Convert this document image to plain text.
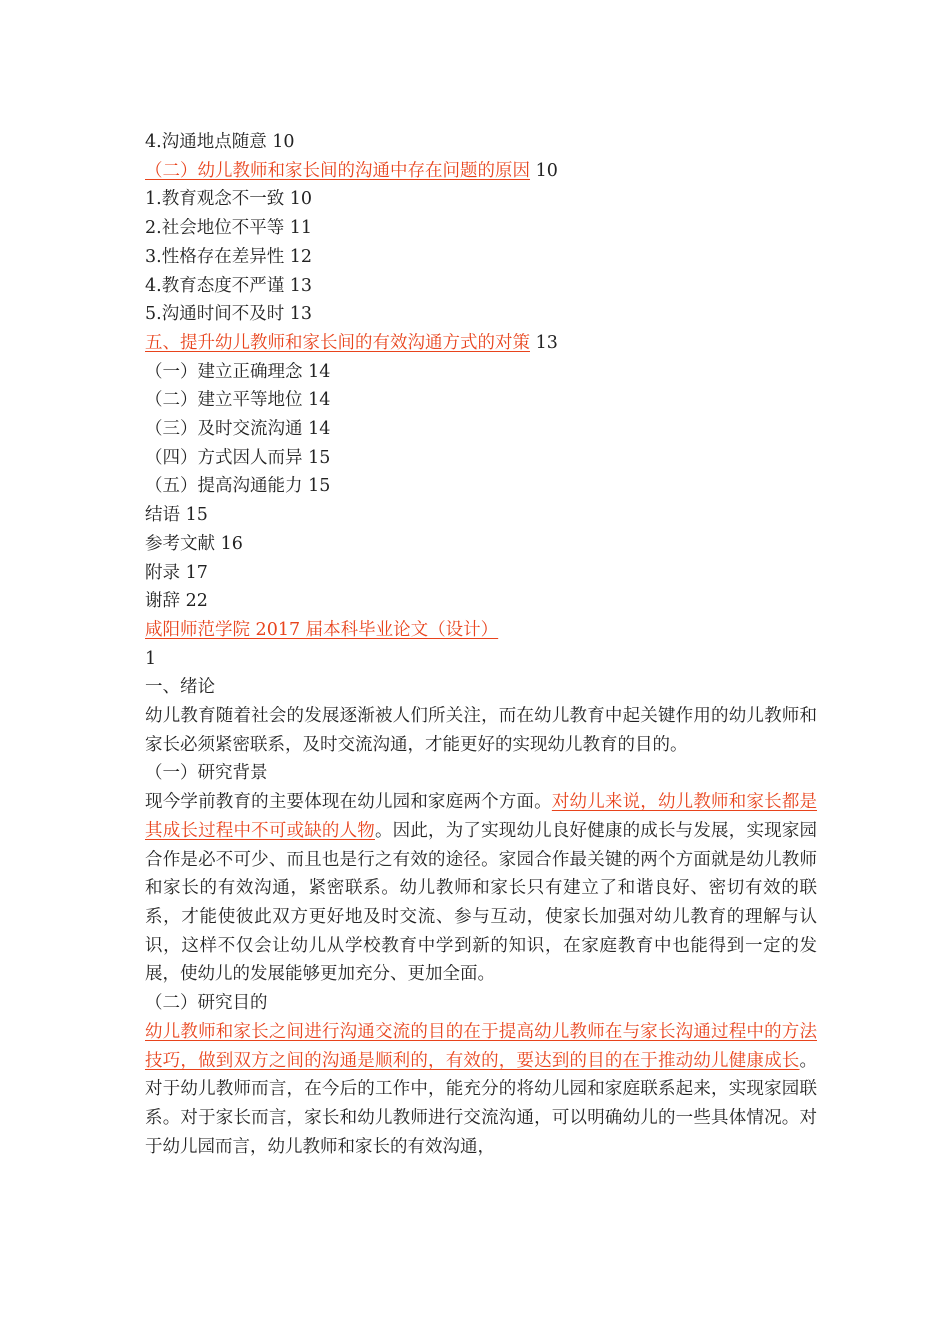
4.沟通地点随意 10
（二）幼儿教师和家长间的沟通中存在问题的原因 10
1.教育观念不一致 10
2.社会地位不平等 11
3.性格存在差异性 12
4.教育态度不严谨 13
5.沟通时间不及时 13
五、提升幼儿教师和家长间的有效沟通方式的对策 13
（一）建立正确理念 14
（二）建立平等地位 14
（三）及时交流沟通 14
（四）方式因人而异 15
（五）提高沟通能力 15
结语 15
参考文献 16
附录 17
谢辞 22
咸阳师范学院 2017 届本科毕业论文（设计）
1
一、绪论
幼儿教育随着社会的发展逐渐被人们所关注，而在幼儿教育中起关键作用的幼儿教师和家长必须紧密联系，及时交流沟通，才能更好的实现幼儿教育的目的。
（一）研究背景
现今学前教育的主要体现在幼儿园和家庭两个方面。对幼儿来说，幼儿教师和家长都是其成长过程中不可或缺的人物。因此，为了实现幼儿良好健康的成长与发展，实现家园合作是必不可少、而且也是行之有效的途径。家园合作最关键的两个方面就是幼儿教师和家长的有效沟通，紧密联系。幼儿教师和家长只有建立了和谐良好、密切有效的联系，才能使彼此双方更好地及时交流、参与互动，使家长加强对幼儿教育的理解与认识，这样不仅会让幼儿从学校教育中学到新的知识，在家庭教育中也能得到一定的发展，使幼儿的发展能够更加充分、更加全面。
（二）研究目的
幼儿教师和家长之间进行沟通交流的目的在于提高幼儿教师在与家长沟通过程中的方法技巧，做到双方之间的沟通是顺利的，有效的，要达到的目的在于推动幼儿健康成长。对于幼儿教师而言，在今后的工作中，能充分的将幼儿园和家庭联系起来，实现家园联系。对于家长而言，家长和幼儿教师进行交流沟通，可以明确幼儿的一些具体情况。对于幼儿园而言，幼儿教师和家长的有效沟通，
